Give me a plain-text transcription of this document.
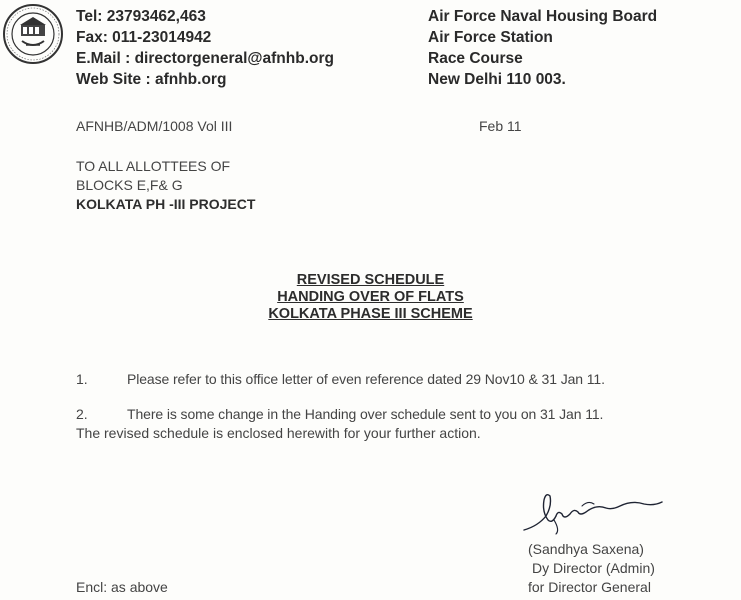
Tel: 23793462,463
Fax: 011-23014942
E.Mail : directorgeneral@afnhb.org
Web Site : afnhb.org
Air Force Naval Housing Board
Air Force Station
Race Course
New Delhi 110 003.
AFNHB/ADM/1008 Vol III	Feb 11
TO ALL ALLOTTEES OF
BLOCKS E,F& G
KOLKATA PH -III PROJECT
REVISED SCHEDULE
HANDING OVER OF FLATS
KOLKATA PHASE III SCHEME
1.	Please refer to this office letter of even reference dated 29 Nov10 & 31 Jan 11.
2.	There is some change in the Handing over schedule sent to you on 31 Jan 11.
The revised schedule is enclosed herewith for your further action.
(Sandhya Saxena)
Dy Director (Admin)
for Director General
Encl: as above
